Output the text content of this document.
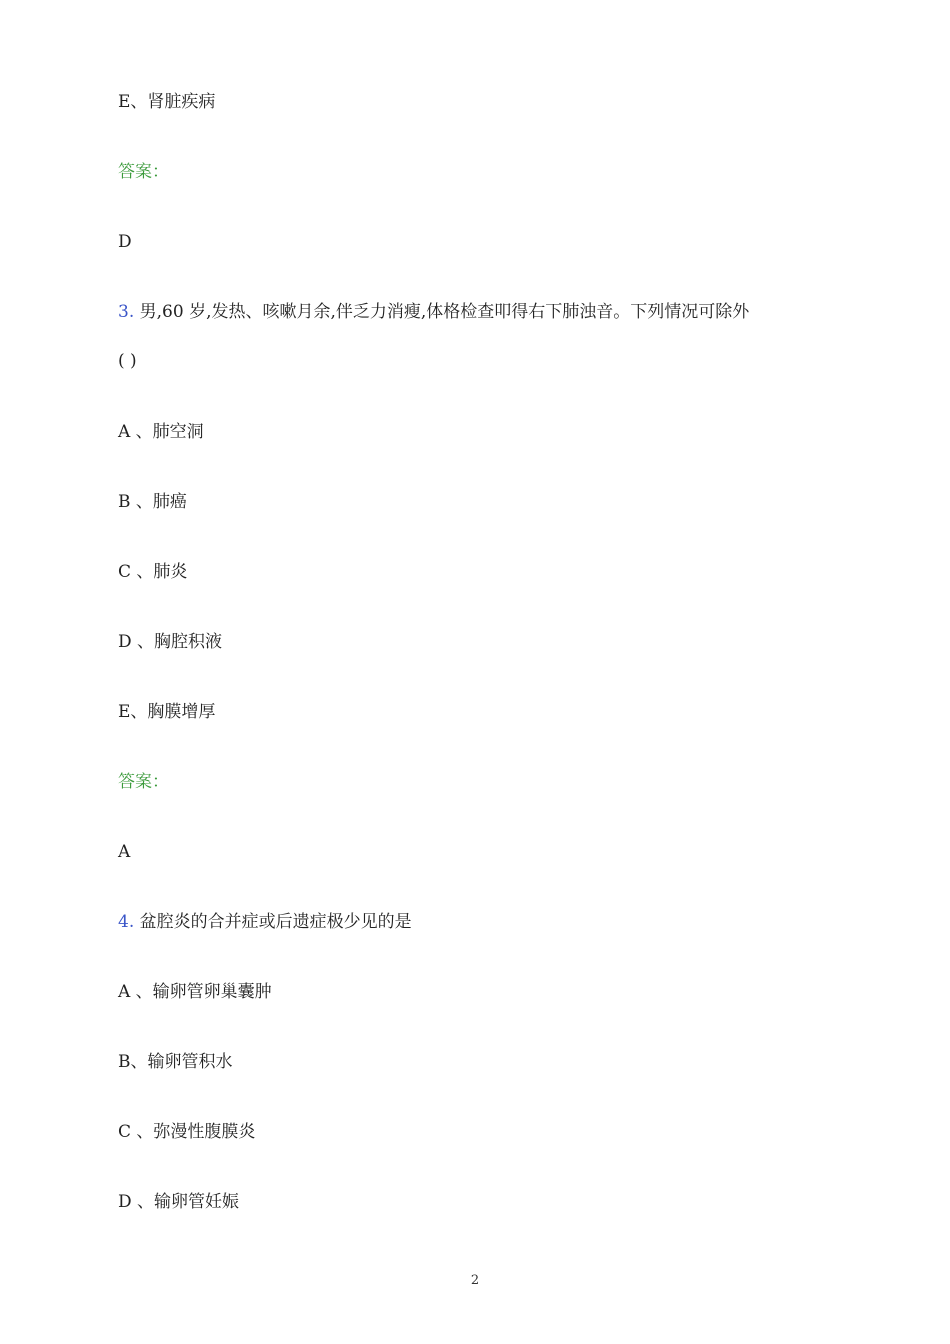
E、肾脏疾病
答案：
D
3. 男,60 岁,发热、咳嗽月余,伴乏力消瘦,体格检查叩得右下肺浊音。下列情况可除外
( )
A 、肺空洞
B 、肺癌
C 、肺炎
D 、胸腔积液
E、胸膜增厚
答案：
A
4. 盆腔炎的合并症或后遗症极少见的是
A 、输卵管卵巢囊肿
B、输卵管积水
C 、弥漫性腹膜炎
D 、输卵管妊娠
2
